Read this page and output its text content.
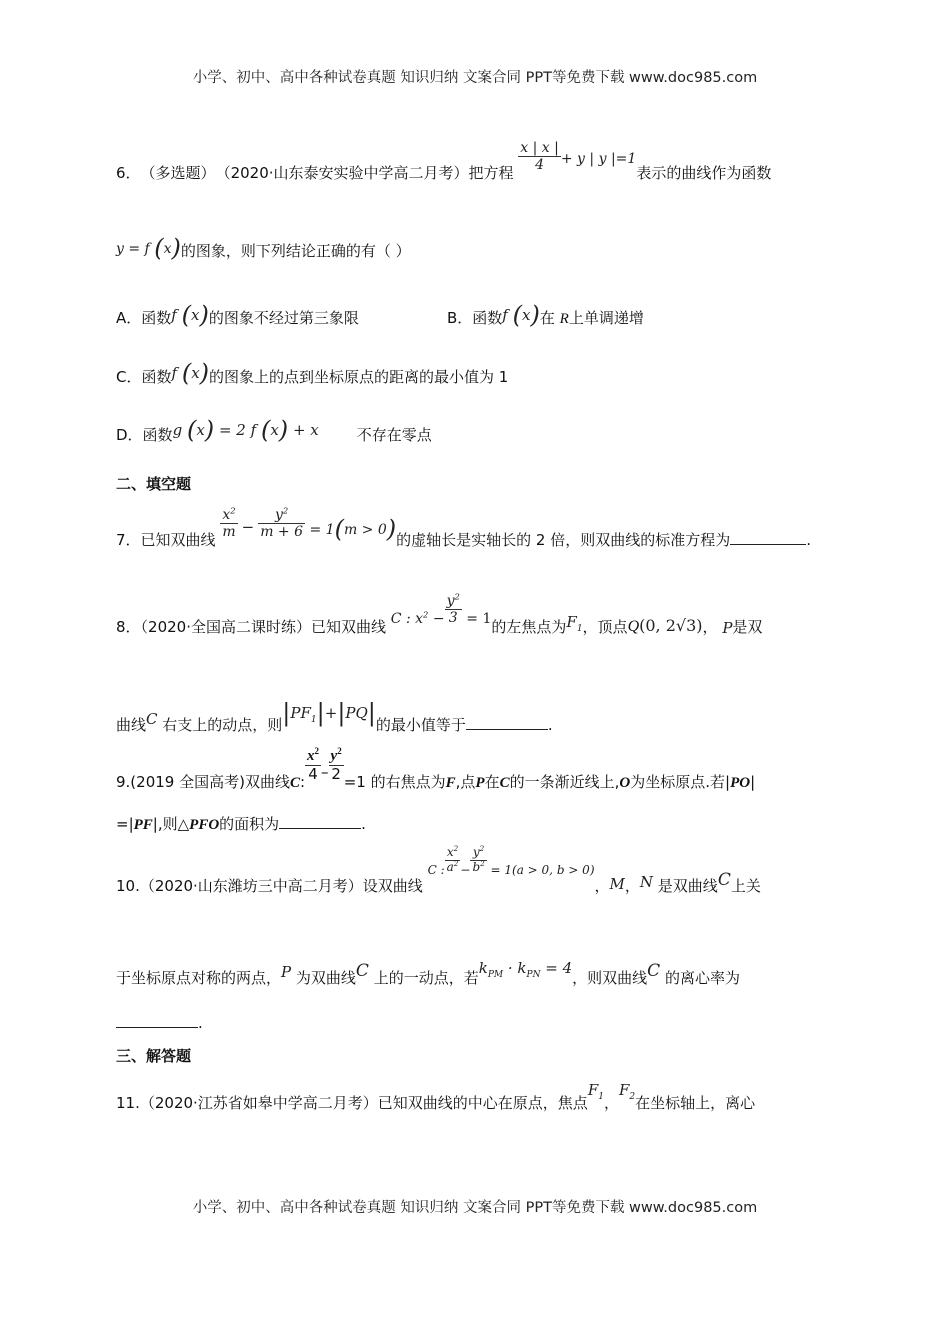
小学、初中、高中各种试卷真题 知识归纳 文案合同 PPT等免费下载 www.doc985.com
6．（多选题）（2020·山东泰安实验中学高二月考）把方程 $\frac{x | x |}{4} + y$ | y |=1表示的曲线作为函数
y = f (x)的图象，则下列结论正确的有（ ）
A．函数f (x)的图象不经过第三象限	B．函数f (x)在 R上单调递增
C．函数f (x)的图象上的点到坐标原点的距离的最小值为 1
D．函数g (x) = 2 f (x) + x	不存在零点
二、填空题
7．已知双曲线 $\frac{x^2}{m} - \frac{y^2}{m + 6} = 1(m > 0)$的虚轴长是实轴长的 2 倍，则双曲线的标准方程为	.
8．（2020·全国高二课时练）已知双曲线 C : $x^2 - \frac{y^2}{3} = 1$的左焦点为$F_1$，顶点Q(0, 2√3)， P是双
曲线C 右支上的动点，则$|PF_1|+|PQ|$的最小值等于	.
9.(2019 全国高考)双曲线C: $\frac{x^2}{4} - \frac{y^2}{2} =1$ 的右焦点为F,点P在C的一条渐近线上,O为坐标原点.若|PO|
=|PF|,则△PFO的面积为	.
10.（2020·山东潍坊三中高二月考）设双曲线 C : $\frac{x^2}{a^2} - \frac{y^2}{b^2} = 1(a > 0$, b > 0)，M，N 是双曲线C上关
于坐标原点对称的两点，P 为双曲线C 上的一动点，若$k_{PM} \cdot k_{PN} = 4$，则双曲线C 的离心率为
.
三、解答题
11.（2020·江苏省如皋中学高二月考）已知双曲线的中心在原点，焦点$F_1$，$F_2$在坐标轴上，离心
小学、初中、高中各种试卷真题 知识归纳 文案合同 PPT等免费下载 www.doc985.com
